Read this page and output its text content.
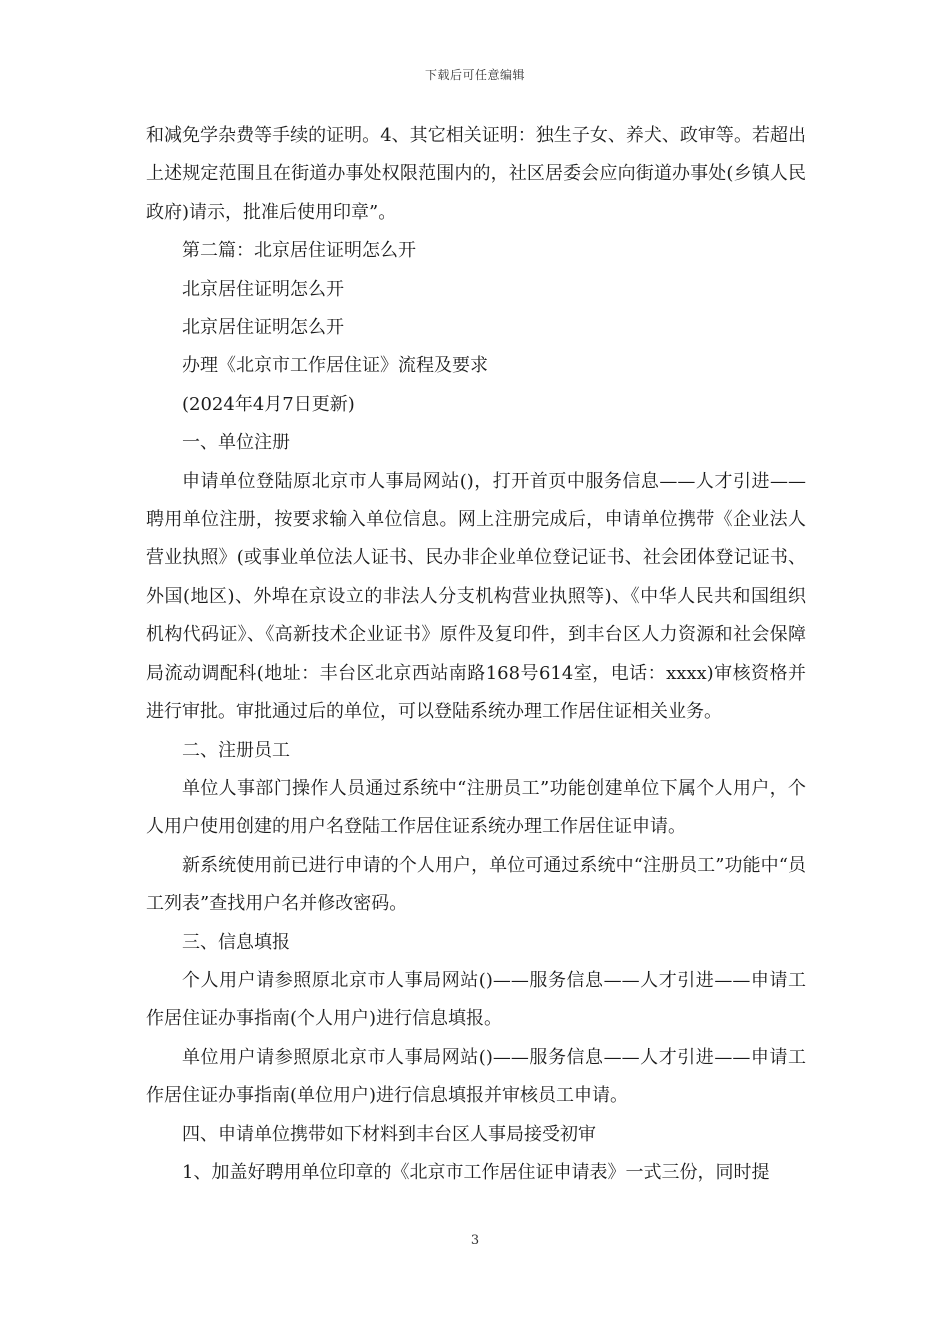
下载后可任意编辑

和减免学杂费等手续的证明。4、其它相关证明：独生子女、养犬、政审等。若超出上述规定范围且在街道办事处权限范围内的，社区居委会应向街道办事处(乡镇人民政府)请示，批准后使用印章”。

第二篇：北京居住证明怎么开

北京居住证明怎么开

北京居住证明怎么开

办理《北京市工作居住证》流程及要求

(2024年4月7日更新)

一、单位注册

申请单位登陆原北京市人事局网站()，打开首页中服务信息——人才引进——聘用单位注册，按要求输入单位信息。网上注册完成后，申请单位携带《企业法人营业执照》(或事业单位法人证书、民办非企业单位登记证书、社会团体登记证书、外国(地区)、外埠在京设立的非法人分支机构营业执照等)、《中华人民共和国组织机构代码证》、《高新技术企业证书》原件及复印件，到丰台区人力资源和社会保障局流动调配科(地址：丰台区北京西站南路168号614室，电话：xxxx)审核资格并进行审批。审批通过后的单位，可以登陆系统办理工作居住证相关业务。

二、注册员工

单位人事部门操作人员通过系统中“注册员工”功能创建单位下属个人用户，个人用户使用创建的用户名登陆工作居住证系统办理工作居住证申请。

新系统使用前已进行申请的个人用户，单位可通过系统中“注册员工”功能中“员工列表”查找用户名并修改密码。

三、信息填报

个人用户请参照原北京市人事局网站()——服务信息——人才引进——申请工作居住证办事指南(个人用户)进行信息填报。

单位用户请参照原北京市人事局网站()——服务信息——人才引进——申请工作居住证办事指南(单位用户)进行信息填报并审核员工申请。

四、申请单位携带如下材料到丰台区人事局接受初审

1、加盖好聘用单位印章的《北京市工作居住证申请表》一式三份，同时提

3
